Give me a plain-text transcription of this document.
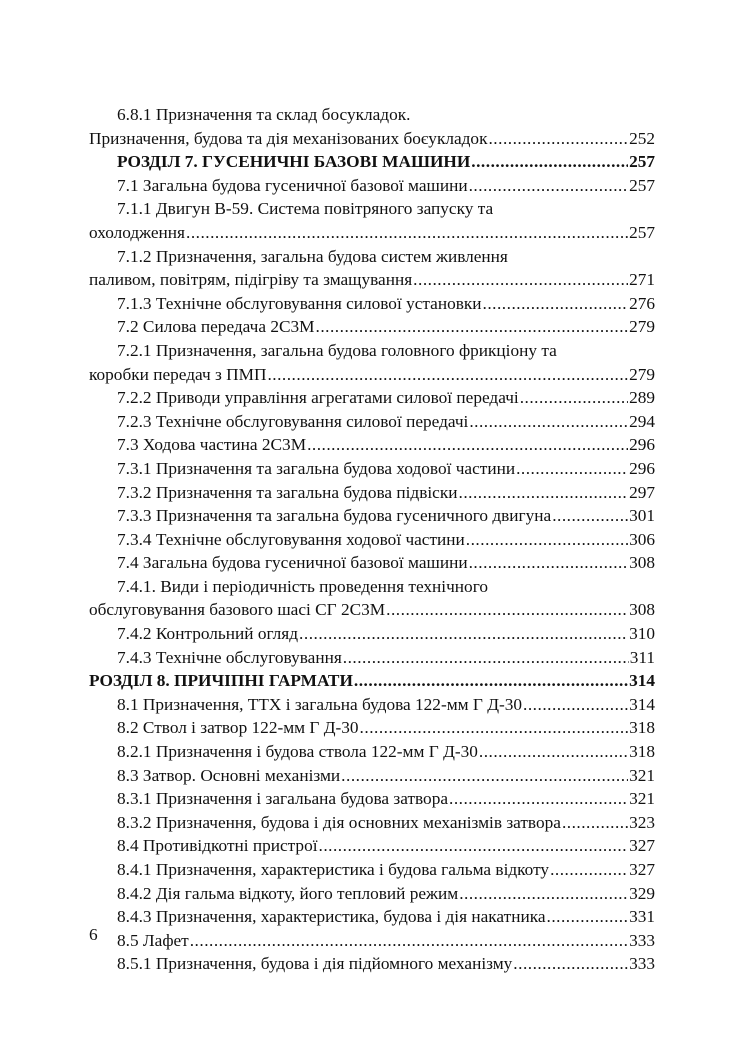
6.8.1 Призначення та склад босукладок.
Призначення, будова та дія механізованих боєукладок .....	252
РОЗДІЛ 7. ГУСЕНИЧНІ БАЗОВІ МАШИНИ .....	257
7.1 Загальна будова гусеничної базової машини .....	257
7.1.1 Двигун В-59. Система повітряного запуску та
охолодження .....	257
7.1.2 Призначення, загальна будова систем живлення
паливом, повітрям, підігріву та змащування .....	271
7.1.3 Технічне обслуговування силової установки .....	276
7.2 Силова передача 2С3М .....	279
7.2.1 Призначення, загальна будова головного фрикціону та
коробки передач з ПМП .....	279
7.2.2 Приводи управління агрегатами силової передачі .....	289
7.2.3 Технічне обслуговування силової передачі .....	294
7.3 Ходова частина 2С3М .....	296
7.3.1 Призначення та загальна будова ходової частини .....	296
7.3.2 Призначення та загальна будова підвіски .....	297
7.3.3 Призначення та загальна будова гусеничного двигуна .....	301
7.3.4 Технічне обслуговування ходової частини .....	306
7.4 Загальна будова гусеничної базової машини .....	308
7.4.1. Види і періодичність проведення технічного
обслуговування базового шасі СГ 2С3М .....	308
7.4.2 Контрольний огляд .....	310
7.4.3 Технічне обслуговування .....	311
РОЗДІЛ 8. ПРИЧІПНІ ГАРМАТИ .....	314
8.1 Призначення, ТТХ і загальна будова 122-мм Г Д-30 .....	314
8.2 Ствол і затвор 122-мм Г Д-30 .....	318
8.2.1 Призначення і будова ствола 122-мм Г Д-30 .....	318
8.3 Затвор. Основні механізми .....	321
8.3.1 Призначення і загальана будова затвора .....	321
8.3.2 Призначення, будова і дія основних механізмів затвора .....	323
8.4 Противідкотні пристрої .....	327
8.4.1 Призначення, характеристика і будова гальма відкоту .....	327
8.4.2 Дія гальма відкоту, його тепловий режим .....	329
8.4.3 Призначення, характеристика, будова і дія накатника .....	331
8.5 Лафет .....	333
8.5.1 Призначення, будова і дія підйомного механізму .....	333
6
